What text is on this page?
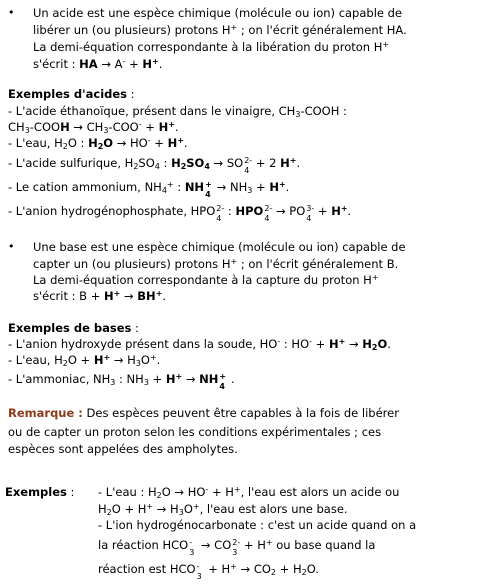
• Un acide est une espèce chimique (molécule ou ion) capable de
libérer un (ou plusieurs) protons H+ ; on l'écrit généralement HA.
La demi-équation correspondante à la libération du proton H+
s'écrit : HA → A- + H+.
Exemples d'acides :
- L'acide éthanoïque, présent dans le vinaigre, $CH_3$-COOH :
$CH_3$-COOH → $CH_3-COO^- + H^+$.
- L'eau, $H_2O$ : $H_2O \to HO^- + H^+$.
- L'acide sulfurique, $H_2SO_4$ : $H_2SO_4$ → SO 2-
4
+ 2 H+.
- Le cation ammonium, $NH_4^+$ : NH +
4
→ $NH_3 + H^+$.
- L'anion hydrogénophosphate, HPO 2-
4
: HPO 2-
4
→ PO 3-
4
+ H+.
• Une base est une espèce chimique (molécule ou ion) capable de
capter un (ou plusieurs) protons H+ ; on l'écrit généralement B.
La demi-équation correspondante à la capture du proton H+
s'écrit : B + H+ → BH+.
Exemples de bases :
- L'anion hydroxyde présent dans la soude, HO- : $HO^- + H^+ \to H_2O$.
- L'eau, $H_2O + H^+ \to H_3O^+$.
- L'ammoniac, $NH_3$ : $NH_3 + H^+$ → NH +
4
.
Remarque : Des espèces peuvent être capables à la fois de libérer
ou de capter un proton selon les conditions expérimentales ; ces
espèces sont appelées des ampholytes.
Exemples : - L'eau : $H_2O \to HO^- + H^+$, l'eau est alors un acide ou
$H_2O + H^+ \to H_3O^+$, l'eau est alors une base.
- L'ion hydrogénocarbonate : c'est un acide quand on a
la réaction HCO -
3
→ CO 2-
3
+ H+ ou base quand la
réaction est HCO -
3
+ $H^+ \to CO_2 + H_2O$.
